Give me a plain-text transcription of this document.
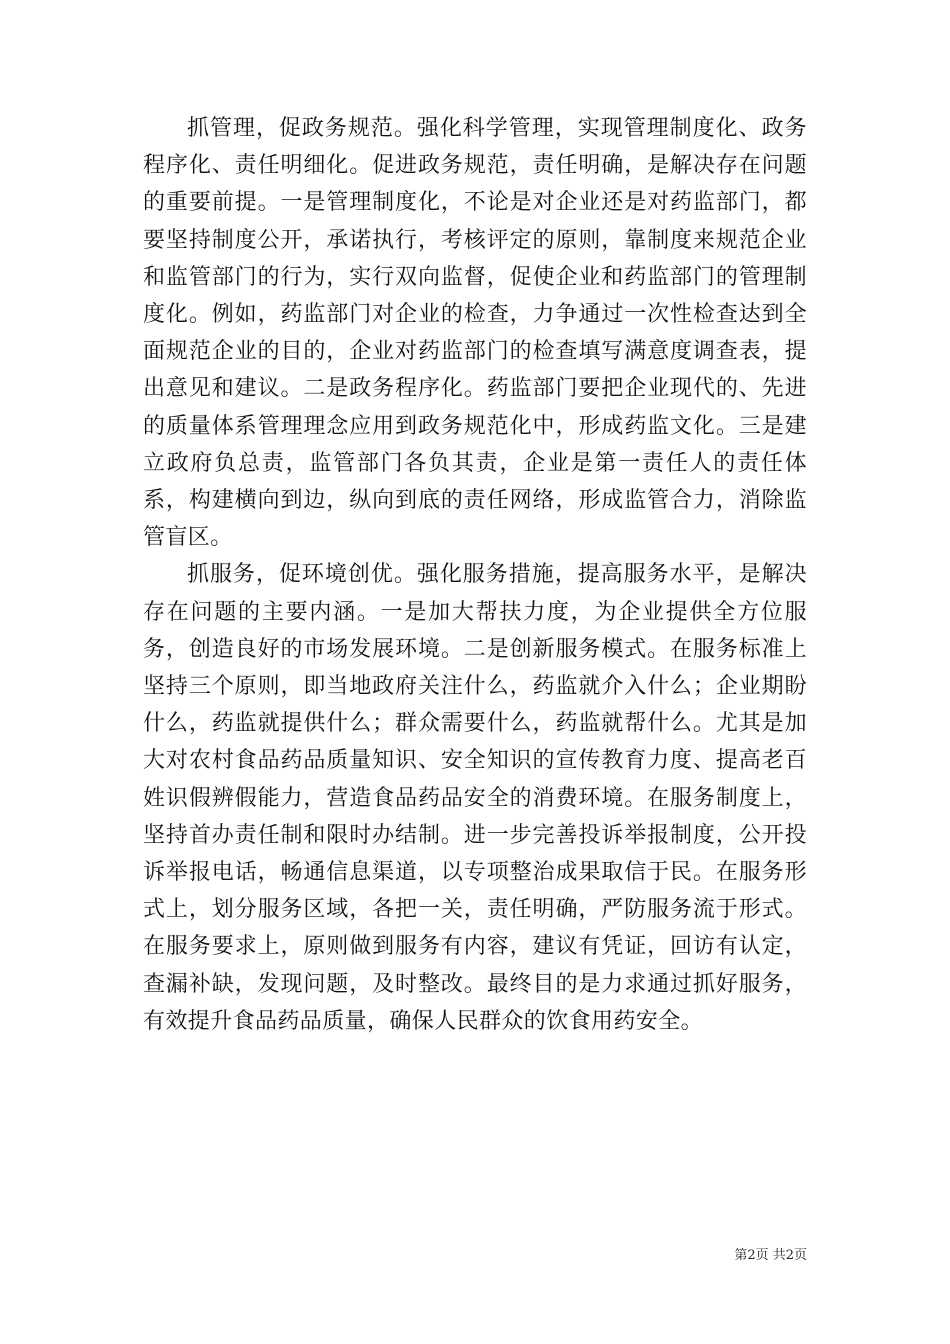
抓管理，促政务规范。强化科学管理，实现管理制度化、政务程序化、责任明细化。促进政务规范，责任明确，是解决存在问题的重要前提。一是管理制度化，不论是对企业还是对药监部门，都要坚持制度公开，承诺执行，考核评定的原则，靠制度来规范企业和监管部门的行为，实行双向监督，促使企业和药监部门的管理制度化。例如，药监部门对企业的检查，力争通过一次性检查达到全面规范企业的目的，企业对药监部门的检查填写满意度调查表，提出意见和建议。二是政务程序化。药监部门要把企业现代的、先进的质量体系管理理念应用到政务规范化中，形成药监文化。三是建立政府负总责，监管部门各负其责，企业是第一责任人的责任体系，构建横向到边，纵向到底的责任网络，形成监管合力，消除监管盲区。

抓服务，促环境创优。强化服务措施，提高服务水平，是解决存在问题的主要内涵。一是加大帮扶力度，为企业提供全方位服务，创造良好的市场发展环境。二是创新服务模式。在服务标准上坚持三个原则，即当地政府关注什么，药监就介入什么；企业期盼什么，药监就提供什么；群众需要什么，药监就帮什么。尤其是加大对农村食品药品质量知识、安全知识的宣传教育力度、提高老百姓识假辨假能力，营造食品药品安全的消费环境。在服务制度上，坚持首办责任制和限时办结制。进一步完善投诉举报制度，公开投诉举报电话，畅通信息渠道，以专项整治成果取信于民。在服务形式上，划分服务区域，各把一关，责任明确，严防服务流于形式。在服务要求上，原则做到服务有内容，建议有凭证，回访有认定，查漏补缺，发现问题，及时整改。最终目的是力求通过抓好服务，有效提升食品药品质量，确保人民群众的饮食用药安全。

第2页 共2页
